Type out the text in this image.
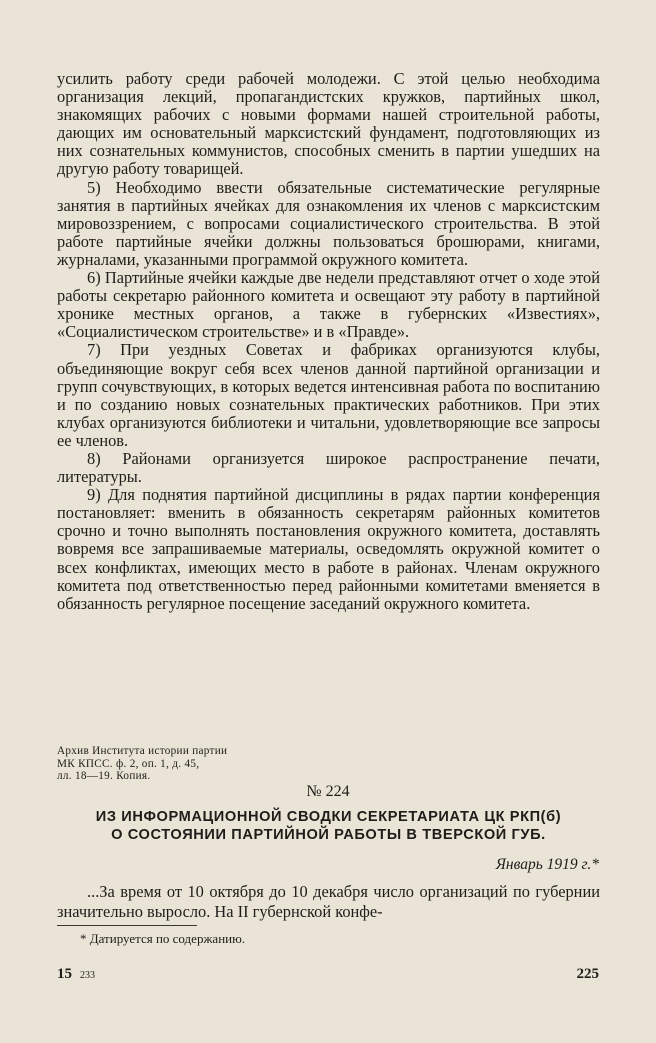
усилить работу среди рабочей молодежи. С этой целью необходима организация лекций, пропагандистских кружков, партийных школ, знакомящих рабочих с новыми формами нашей строительной работы, дающих им основательный марксистский фундамент, подготовляющих из них сознательных коммунистов, способных сменить в партии ушедших на другую работу товарищей.

5) Необходимо ввести обязательные систематические регулярные занятия в партийных ячейках для ознакомления их членов с марксистским мировоззрением, с вопросами социалистического строительства. В этой работе партийные ячейки должны пользоваться брошюрами, книгами, журналами, указанными программой окружного комитета.

6) Партийные ячейки каждые две недели представляют отчет о ходе этой работы секретарю районного комитета и освещают эту работу в партийной хронике местных органов, а также в губернских «Известиях», «Социалистическом строительстве» и в «Правде».

7) При уездных Советах и фабриках организуются клубы, объединяющие вокруг себя всех членов данной партийной организации и групп сочувствующих, в которых ведется интенсивная работа по воспитанию и по созданию новых сознательных практических работников. При этих клубах организуются библиотеки и читальни, удовлетворяющие все запросы ее членов.

8) Районами организуется широкое распространение печати, литературы.

9) Для поднятия партийной дисциплины в рядах партии конференция постановляет: вменить в обязанность секретарям районных комитетов срочно и точно выполнять постановления окружного комитета, доставлять вовремя все запрашиваемые материалы, осведомлять окружной комитет о всех конфликтах, имеющих место в работе в районах. Членам окружного комитета под ответственностью перед районными комитетами вменяется в обязанность регулярное посещение заседаний окружного комитета.

Архив Института истории партии
МК КПСС. ф. 2, оп. 1, д. 45,
лл. 18—19. Копия.
№ 224
ИЗ ИНФОРМАЦИОННОЙ СВОДКИ СЕКРЕТАРИАТА ЦК РКП(б)
О СОСТОЯНИИ ПАРТИЙНОЙ РАБОТЫ В ТВЕРСКОЙ ГУБ.
Январь 1919 г.*

...За время от 10 октября до 10 декабря число организаций по губернии значительно выросло. На II губернской конфе-

* Датируется по содержанию.
15 233	225
